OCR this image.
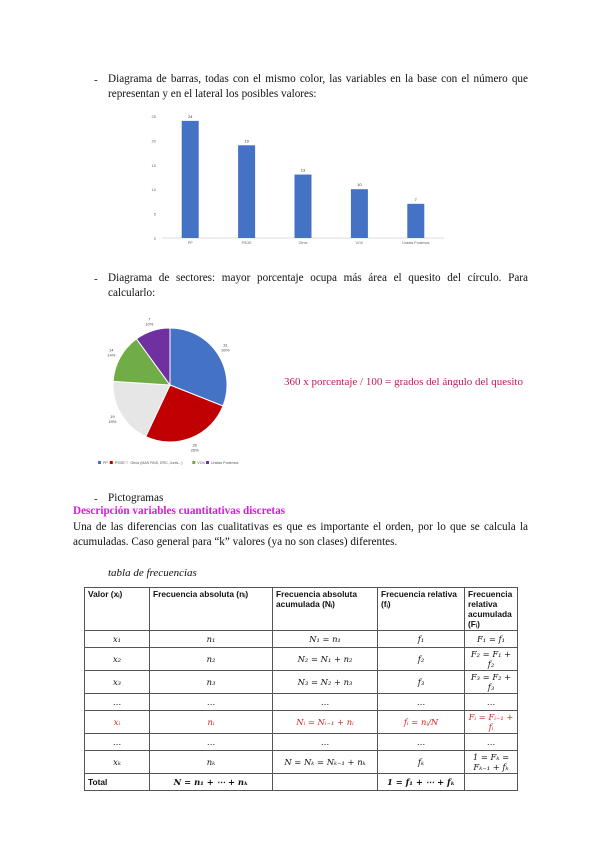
- Diagrama de barras, todas con el mismo color, las variables en la base con el número que representan y en el lateral los posibles valores:
0
5
10
15
20
25	24
PP
19
PSOE
13
Otros
10
VOX
7
Unidas Podemos
- Diagrama de sectores: mayor porcentaje ocupa más área el quesito del círculo. Para calcularlo:
31
30%
26
26%
19
19%
14
14%
7
10%
PP PSOE Otros (MAS PAIS, ERC, Junts...)	VOX Unidas Podemos
360 x porcentaje / 100 = grados del ángulo del quesito
- Pictogramas
Descripción variables cuantitativas discretas
Una de las diferencias con las cualitativas es que es importante el orden, por lo que se calcula la acumuladas. Caso general para “k” valores (ya no son clases) diferentes.
tabla de frecuencias
Valor (xᵢ)	Frecuencia absoluta (nᵢ)	Frecuencia absoluta acumulada (Nᵢ)	Frecuencia relativa (fᵢ)	Frecuencia relativa acumulada (Fᵢ)
x₁	n₁	N₁ = n₁	f₁	F₁ = f₁
x₂	n₂	N₂ = N₁ + n₂	f₂	F₂ = F₁ + f₂
x₃	n₃	N₃ = N₂ + n₃	f₃	F₃ = F₂ + f₃
…	…	…	…	…
xᵢ	nᵢ	Nᵢ = Nᵢ₋₁ + nᵢ	fᵢ = nᵢ/N	Fᵢ = Fᵢ₋₁ + fᵢ
…	…	…	…	…
xₖ	nₖ	N = Nₖ = Nₖ₋₁ + nₖ	fₖ	1 = Fₖ = Fₖ₋₁ + fₖ
Total	N = n₁ + ⋯ + nₖ		1 = f₁ + ⋯ + fₖ	
